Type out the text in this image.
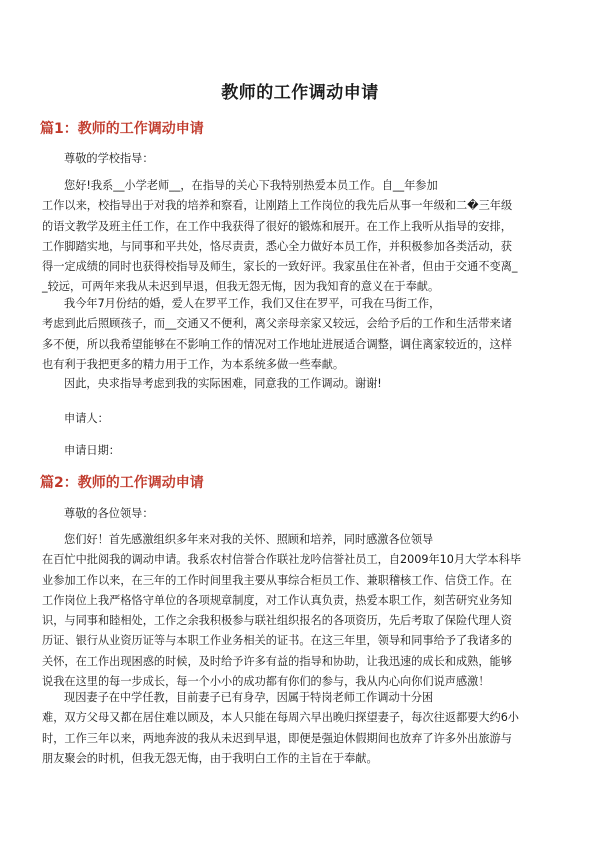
教师的工作调动申请
篇1：教师的工作调动申请

尊敬的学校指导：

您好!我系__小学老师__，在指导的关心下我特别热爱本员工作。自__年参加
工作以来，校指导出于对我的培养和察看，让刚踏上工作岗位的我先后从事一年级和二�三年级
的语文教学及班主任工作，在工作中我获得了很好的锻炼和展开。在工作上我听从指导的安排，
工作脚踏实地，与同事和平共处，恪尽责责，悉心全力做好本员工作，并积极参加各类活动，获
得一定成绩的同时也获得校指导及师生，家长的一致好评。我家虽住在补者，但由于交通不变离_
_较远，可两年来我从未迟到早退，但我无怨无悔，因为我知育的意义在于奉献。

我今年7月份结的婚，爱人在罗平工作，我们又住在罗平，可我在马街工作，
考虑到此后照顾孩子，而__交通又不便利，离父亲母亲家又较远，会给予后的工作和生活带来诸
多不便，所以我希望能够在不影响工作的情况对工作地址进展适合调整，调住离家较近的，这样
也有利于我把更多的精力用于工作，为本系统多做一些奉献。

因此，央求指导考虑到我的实际困难，同意我的工作调动。谢谢!

申请人：

申请日期：

篇2：教师的工作调动申请

尊敬的各位领导：

您们好！首先感激组织多年来对我的关怀、照顾和培养，同时感激各位领导
在百忙中批阅我的调动申请。我系农村信誉合作联社龙吟信誉社员工，自2009年10月大学本科毕
业参加工作以来，在三年的工作时间里我主要从事综合柜员工作、兼职稽核工作、信贷工作。在
工作岗位上我严格恪守单位的各项规章制度，对工作认真负责，热爱本职工作，刻苦研究业务知
识，与同事和睦相处，工作之余我积极参与联社组织报名的各项资历，先后考取了保险代理人资
历证、银行从业资历证等与本职工作业务相关的证书。在这三年里，领导和同事给予了我诸多的
关怀，在工作出现困惑的时候，及时给予许多有益的指导和协助，让我迅速的成长和成熟，能够
说我在这里的每一步成长，每一个小小的成功都有你们的参与，我从内心向你们说声感激！

现因妻子在中学任教，目前妻子已有身孕，因属于特岗老师工作调动十分困
难，双方父母又都在居住难以顾及，本人只能在每周六早出晚归探望妻子，每次往返都要大约6小
时，工作三年以来，两地奔波的我从未迟到早退，即便是强迫休假期间也放弃了许多外出旅游与
朋友聚会的时机，但我无怨无悔，由于我明白工作的主旨在于奉献。
